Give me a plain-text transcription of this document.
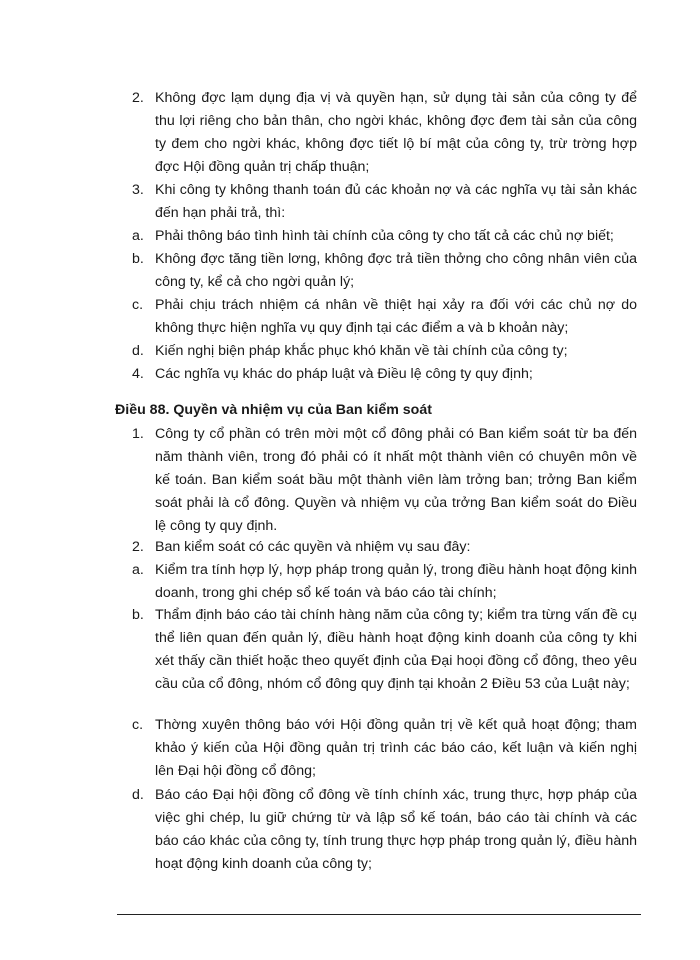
2. Không đợc lạm dụng địa vị và quyền hạn, sử dụng tài sản của công ty để thu lợi riêng cho bản thân, cho ngời khác, không đợc đem tài sản của công ty đem cho ngời khác, không đợc tiết lộ bí mật của công ty, trừ trờng hợp đợc Hội đồng quản trị chấp thuận;
3. Khi công ty không thanh toán đủ các khoản nợ và các nghĩa vụ tài sản khác đến hạn phải trả, thì:
a. Phải thông báo tình hình tài chính của công ty cho tất cả các chủ nợ biết;
b. Không đợc tăng tiền lơng, không đợc trả tiền thởng cho công nhân viên của công ty, kể cả cho ngời quản lý;
c. Phải chịu trách nhiệm cá nhân về thiệt hại xảy ra đối với các chủ nợ do không thực hiện nghĩa vụ quy định tại các điểm a và b khoản này;
d. Kiến nghị biện pháp khắc phục khó khăn về tài chính của công ty;
4. Các nghĩa vụ khác do pháp luật và Điều lệ công ty quy định;
Điều 88. Quyền và nhiệm vụ của Ban kiểm soát
1. Công ty cổ phần có trên mời một cổ đông phải có Ban kiểm soát từ ba đến năm thành viên, trong đó phải có ít nhất một thành viên có chuyên môn về kế toán. Ban kiểm soát bầu một thành viên làm trởng ban; trởng Ban kiểm soát phải là cổ đông. Quyền và nhiệm vụ của trởng Ban kiểm soát do Điều lệ công ty quy định.
2. Ban kiểm soát có các quyền và nhiệm vụ sau đây:
a. Kiểm tra tính hợp lý, hợp pháp trong quản lý, trong điều hành hoạt động kinh doanh, trong ghi chép sổ kế toán và báo cáo tài chính;
b. Thẩm định báo cáo tài chính hàng năm của công ty; kiểm tra từng vấn đề cụ thể liên quan đến quản lý, điều hành hoạt động kinh doanh của công ty khi xét thấy cần thiết hoặc theo quyết định của Đại hoọi đồng cổ đông, theo yêu cầu của cổ đông, nhóm cổ đông quy định tại khoản 2 Điều 53 của Luật này;
c. Thờng xuyên thông báo với Hội đồng quản trị về kết quả hoạt động; tham khảo ý kiến của Hội đồng quản trị trình các báo cáo, kết luận và kiến nghị lên Đại hội đồng cổ đông;
d. Báo cáo Đại hội đồng cổ đông về tính chính xác, trung thực, hợp pháp của việc ghi chép, lu giữ chứng từ và lập sổ kế toán, báo cáo tài chính và các báo cáo khác của công ty, tính trung thực hợp pháp trong quản lý, điều hành hoạt động kinh doanh của công ty;
